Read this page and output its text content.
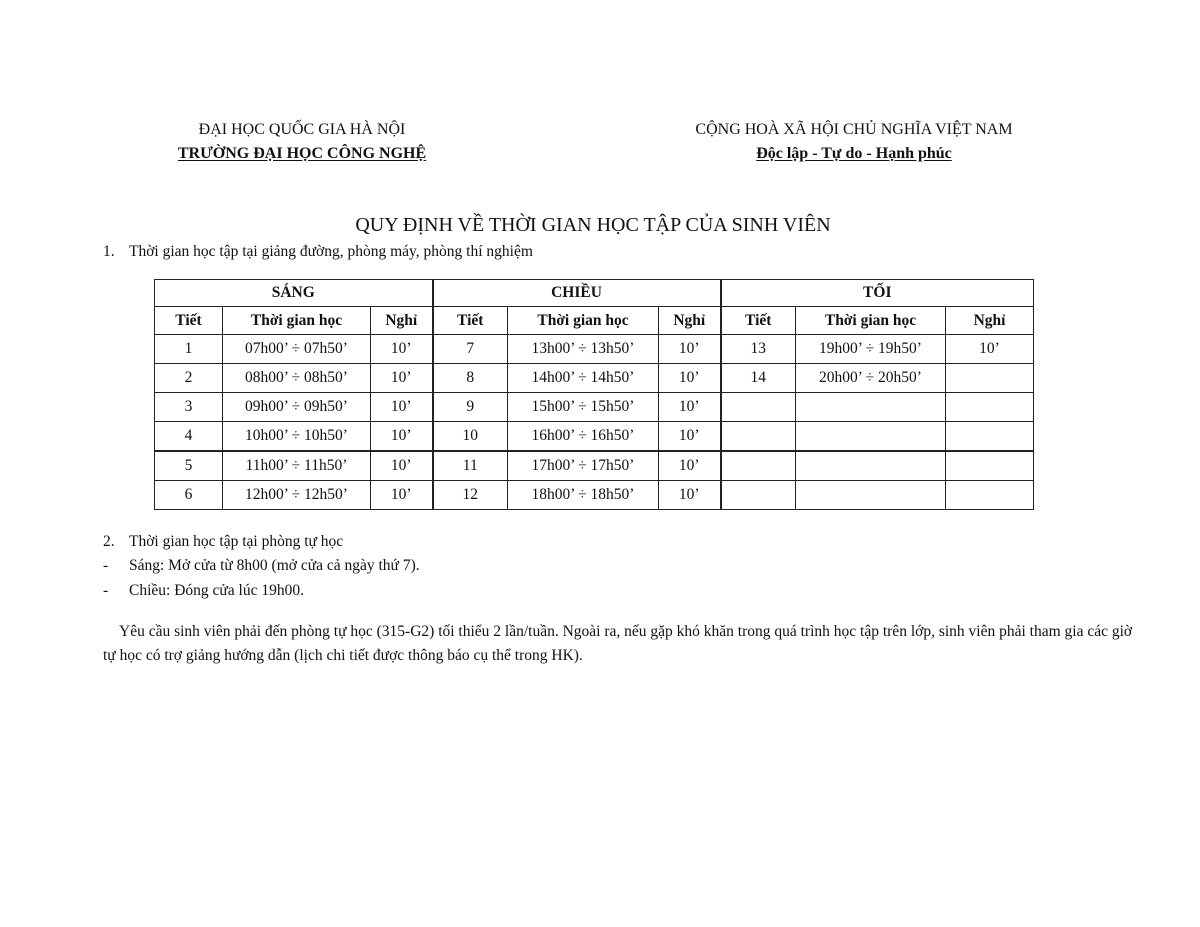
ĐẠI HỌC QUỐC GIA HÀ NỘI
TRƯỜNG ĐẠI HỌC CÔNG NGHỆ
CỘNG HOÀ XÃ HỘI CHỦ NGHĨA VIỆT NAM
Độc lập - Tự do - Hạnh phúc
QUY ĐỊNH VỀ THỜI GIAN HỌC TẬP CỦA SINH VIÊN
1. Thời gian học tập tại giảng đường, phòng máy, phòng thí nghiệm
SÁNG			CHIỀU			TỐI		
Tiết	Thời gian học	Nghỉ	Tiết	Thời gian học	Nghỉ	Tiết	Thời gian học	Nghỉ
1	07h00’ ÷ 07h50’	10’	7	13h00’ ÷ 13h50’	10’	13	19h00’ ÷ 19h50’	10’
2	08h00’ ÷ 08h50’	10’	8	14h00’ ÷ 14h50’	10’	14	20h00’ ÷ 20h50’	
3	09h00’ ÷ 09h50’	10’	9	15h00’ ÷ 15h50’	10’			
4	10h00’ ÷ 10h50’	10’	10	16h00’ ÷ 16h50’	10’			
5	11h00’ ÷ 11h50’	10’	11	17h00’ ÷ 17h50’	10’			
6	12h00’ ÷ 12h50’	10’	12	18h00’ ÷ 18h50’	10’			
2. Thời gian học tập tại phòng tự học
- Sáng: Mở cửa từ 8h00 (mở cửa cả ngày thứ 7).
- Chiều: Đóng cửa lúc 19h00.
Yêu cầu sinh viên phải đến phòng tự học (315-G2) tối thiểu 2 lần/tuần. Ngoài ra, nếu gặp khó khăn trong quá trình học tập trên lớp, sinh viên phải tham gia các giờ tự học có trợ giảng hướng dẫn (lịch chi tiết được thông báo cụ thể trong HK).
